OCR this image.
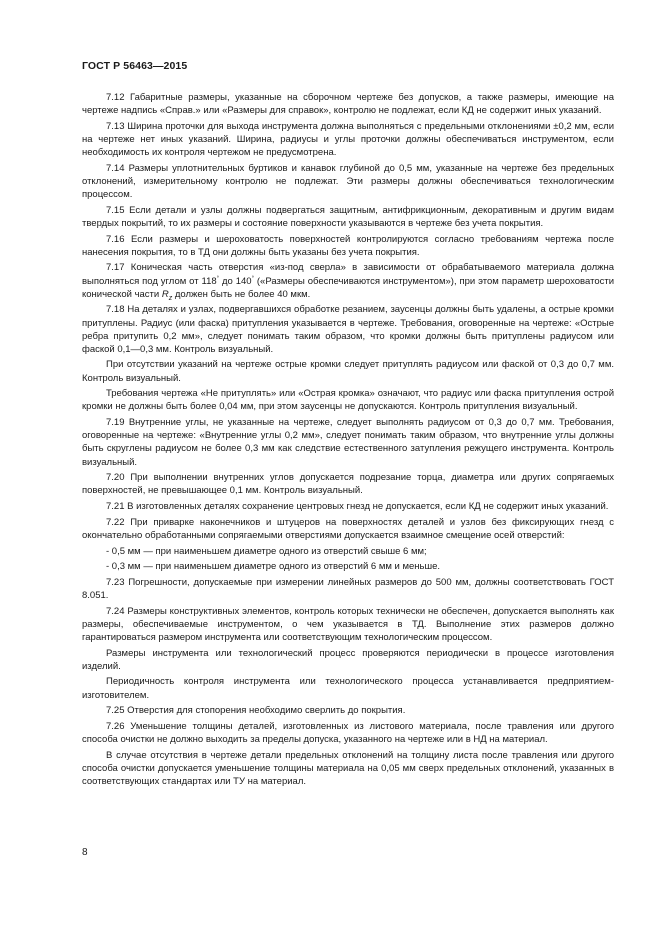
ГОСТ Р 56463—2015

7.12 Габаритные размеры, указанные на сборочном чертеже без допусков, а также размеры, имеющие на чертеже надпись «Справ.» или «Размеры для справок», контролю не подлежат, если КД не содержит иных указаний.

7.13 Ширина проточки для выхода инструмента должна выполняться с предельными отклонениями ±0,2 мм, если на чертеже нет иных указаний. Ширина, радиусы и углы проточки должны обеспечиваться инструментом, если необходимость их контроля чертежом не предусмотрена.

7.14 Размеры уплотнительных буртиков и канавок глубиной до 0,5 мм, указанные на чертеже без предельных отклонений, измерительному контролю не подлежат. Эти размеры должны обеспечиваться технологическим процессом.

7.15 Если детали и узлы должны подвергаться защитным, антифрикционным, декоративным и другим видам твердых покрытий, то их размеры и состояние поверхности указываются в чертеже без учета покрытия.

7.16 Если размеры и шероховатость поверхностей контролируются согласно требованиям чертежа после нанесения покрытия, то в ТД они должны быть указаны без учета покрытия.

7.17 Коническая часть отверстия «из-под сверла» в зависимости от обрабатываемого материала должна выполняться под углом от 118° до 140° («Размеры обеспечиваются инструментом»), при этом параметр шероховатости конической части $R_z$ должен быть не более 40 мкм.

7.18 На деталях и узлах, подвергавшихся обработке резанием, заусенцы должны быть удалены, а острые кромки притуплены. Радиус (или фаска) притупления указывается в чертеже. Требования, оговоренные на чертеже: «Острые ребра притупить 0,2 мм», следует понимать таким образом, что кромки должны быть притуплены радиусом или фаской 0,1—0,3 мм. Контроль визуальный.

При отсутствии указаний на чертеже острые кромки следует притуплять радиусом или фаской от 0,3 до 0,7 мм. Контроль визуальный.

Требования чертежа «Не притуплять» или «Острая кромка» означают, что радиус или фаска притупления острой кромки не должны быть более 0,04 мм, при этом заусенцы не допускаются. Контроль притупления визуальный.

7.19 Внутренние углы, не указанные на чертеже, следует выполнять радиусом от 0,3 до 0,7 мм. Требования, оговоренные на чертеже: «Внутренние углы 0,2 мм», следует понимать таким образом, что внутренние углы должны быть скруглены радиусом не более 0,3 мм как следствие естественного затупления режущего инструмента. Контроль визуальный.

7.20 При выполнении внутренних углов допускается подрезание торца, диаметра или других сопрягаемых поверхностей, не превышающее 0,1 мм. Контроль визуальный.

7.21 В изготовленных деталях сохранение центровых гнезд не допускается, если КД не содержит иных указаний.

7.22 При приварке наконечников и штуцеров на поверхностях деталей и узлов без фиксирующих гнезд с окончательно обработанными сопрягаемыми отверстиями допускается взаимное смещение осей отверстий:

- 0,5 мм — при наименьшем диаметре одного из отверстий свыше 6 мм;

- 0,3 мм — при наименьшем диаметре одного из отверстий 6 мм и меньше.

7.23 Погрешности, допускаемые при измерении линейных размеров до 500 мм, должны соответствовать ГОСТ 8.051.

7.24 Размеры конструктивных элементов, контроль которых технически не обеспечен, допускается выполнять как размеры, обеспечиваемые инструментом, о чем указывается в ТД. Выполнение этих размеров должно гарантироваться размером инструмента или соответствующим технологическим процессом.

Размеры инструмента или технологический процесс проверяются периодически в процессе изготовления изделий.

Периодичность контроля инструмента или технологического процесса устанавливается предприятием-изготовителем.

7.25 Отверстия для стопорения необходимо сверлить до покрытия.

7.26 Уменьшение толщины деталей, изготовленных из листового материала, после травления или другого способа очистки не должно выходить за пределы допуска, указанного на чертеже или в НД на материал.

В случае отсутствия в чертеже детали предельных отклонений на толщину листа после травления или другого способа очистки допускается уменьшение толщины материала на 0,05 мм сверх предельных отклонений, указанных в соответствующих стандартах или ТУ на материал.

8
